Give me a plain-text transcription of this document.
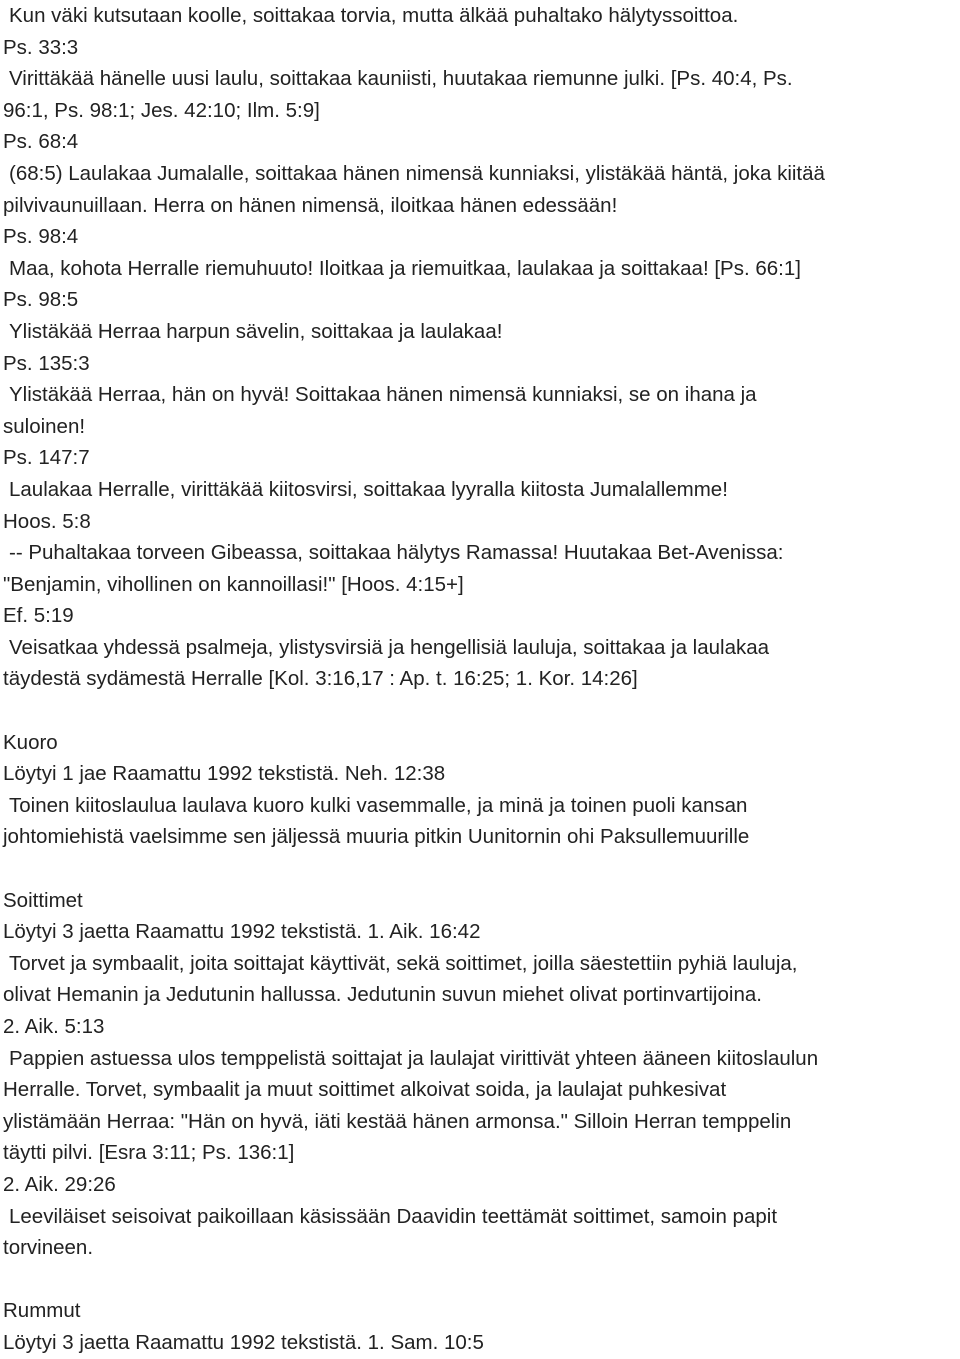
Kun väki kutsutaan koolle, soittakaa torvia, mutta älkää puhaltako hälytyssoittoa.
Ps. 33:3
Virittäkää hänelle uusi laulu, soittakaa kauniisti, huutakaa riemunne julki. [Ps. 40:4, Ps.
96:1, Ps. 98:1; Jes. 42:10; Ilm. 5:9]
Ps. 68:4
(68:5) Laulakaa Jumalalle, soittakaa hänen nimensä kunniaksi, ylistäkää häntä, joka kiitää
pilvivaunuillaan. Herra on hänen nimensä, iloitkaa hänen edessään!
Ps. 98:4
Maa, kohota Herralle riemuhuuto! Iloitkaa ja riemuitkaa, laulakaa ja soittakaa! [Ps. 66:1]
Ps. 98:5
Ylistäkää Herraa harpun sävelin, soittakaa ja laulakaa!
Ps. 135:3
Ylistäkää Herraa, hän on hyvä! Soittakaa hänen nimensä kunniaksi, se on ihana ja
suloinen!
Ps. 147:7
Laulakaa Herralle, virittäkää kiitosvirsi, soittakaa lyyralla kiitosta Jumalallemme!
Hoos. 5:8
-- Puhaltakaa torveen Gibeassa, soittakaa hälytys Ramassa! Huutakaa Bet-Avenissa:
"Benjamin, vihollinen on kannoillasi!" [Hoos. 4:15+]
Ef. 5:19
Veisatkaa yhdessä psalmeja, ylistysvirsiä ja hengellisiä lauluja, soittakaa ja laulakaa
täydestä sydämestä Herralle [Kol. 3:16,17 : Ap. t. 16:25; 1. Kor. 14:26]
Kuoro
Löytyi 1 jae Raamattu 1992 tekstistä. Neh. 12:38
Toinen kiitoslaulua laulava kuoro kulki vasemmalle, ja minä ja toinen puoli kansan
johtomiehistä vaelsimme sen jäljessä muuria pitkin Uunitornin ohi Paksullemuurille
Soittimet
Löytyi 3 jaetta Raamattu 1992 tekstistä. 1. Aik. 16:42
Torvet ja symbaalit, joita soittajat käyttivät, sekä soittimet, joilla säestettiin pyhiä lauluja,
olivat Hemanin ja Jedutunin hallussa. Jedutunin suvun miehet olivat portinvartijoina.
2. Aik. 5:13
Pappien astuessa ulos temppelistä soittajat ja laulajat virittivät yhteen ääneen kiitoslaulun
Herralle. Torvet, symbaalit ja muut soittimet alkoivat soida, ja laulajat puhkesivat
ylistämään Herraa: "Hän on hyvä, iäti kestää hänen armonsa." Silloin Herran temppelin
täytti pilvi. [Esra 3:11; Ps. 136:1]
2. Aik. 29:26
Leeviläiset seisoivat paikoillaan käsissään Daavidin teettämät soittimet, samoin papit
torvineen.
Rummut
Löytyi 3 jaetta Raamattu 1992 tekstistä. 1. Sam. 10:5
